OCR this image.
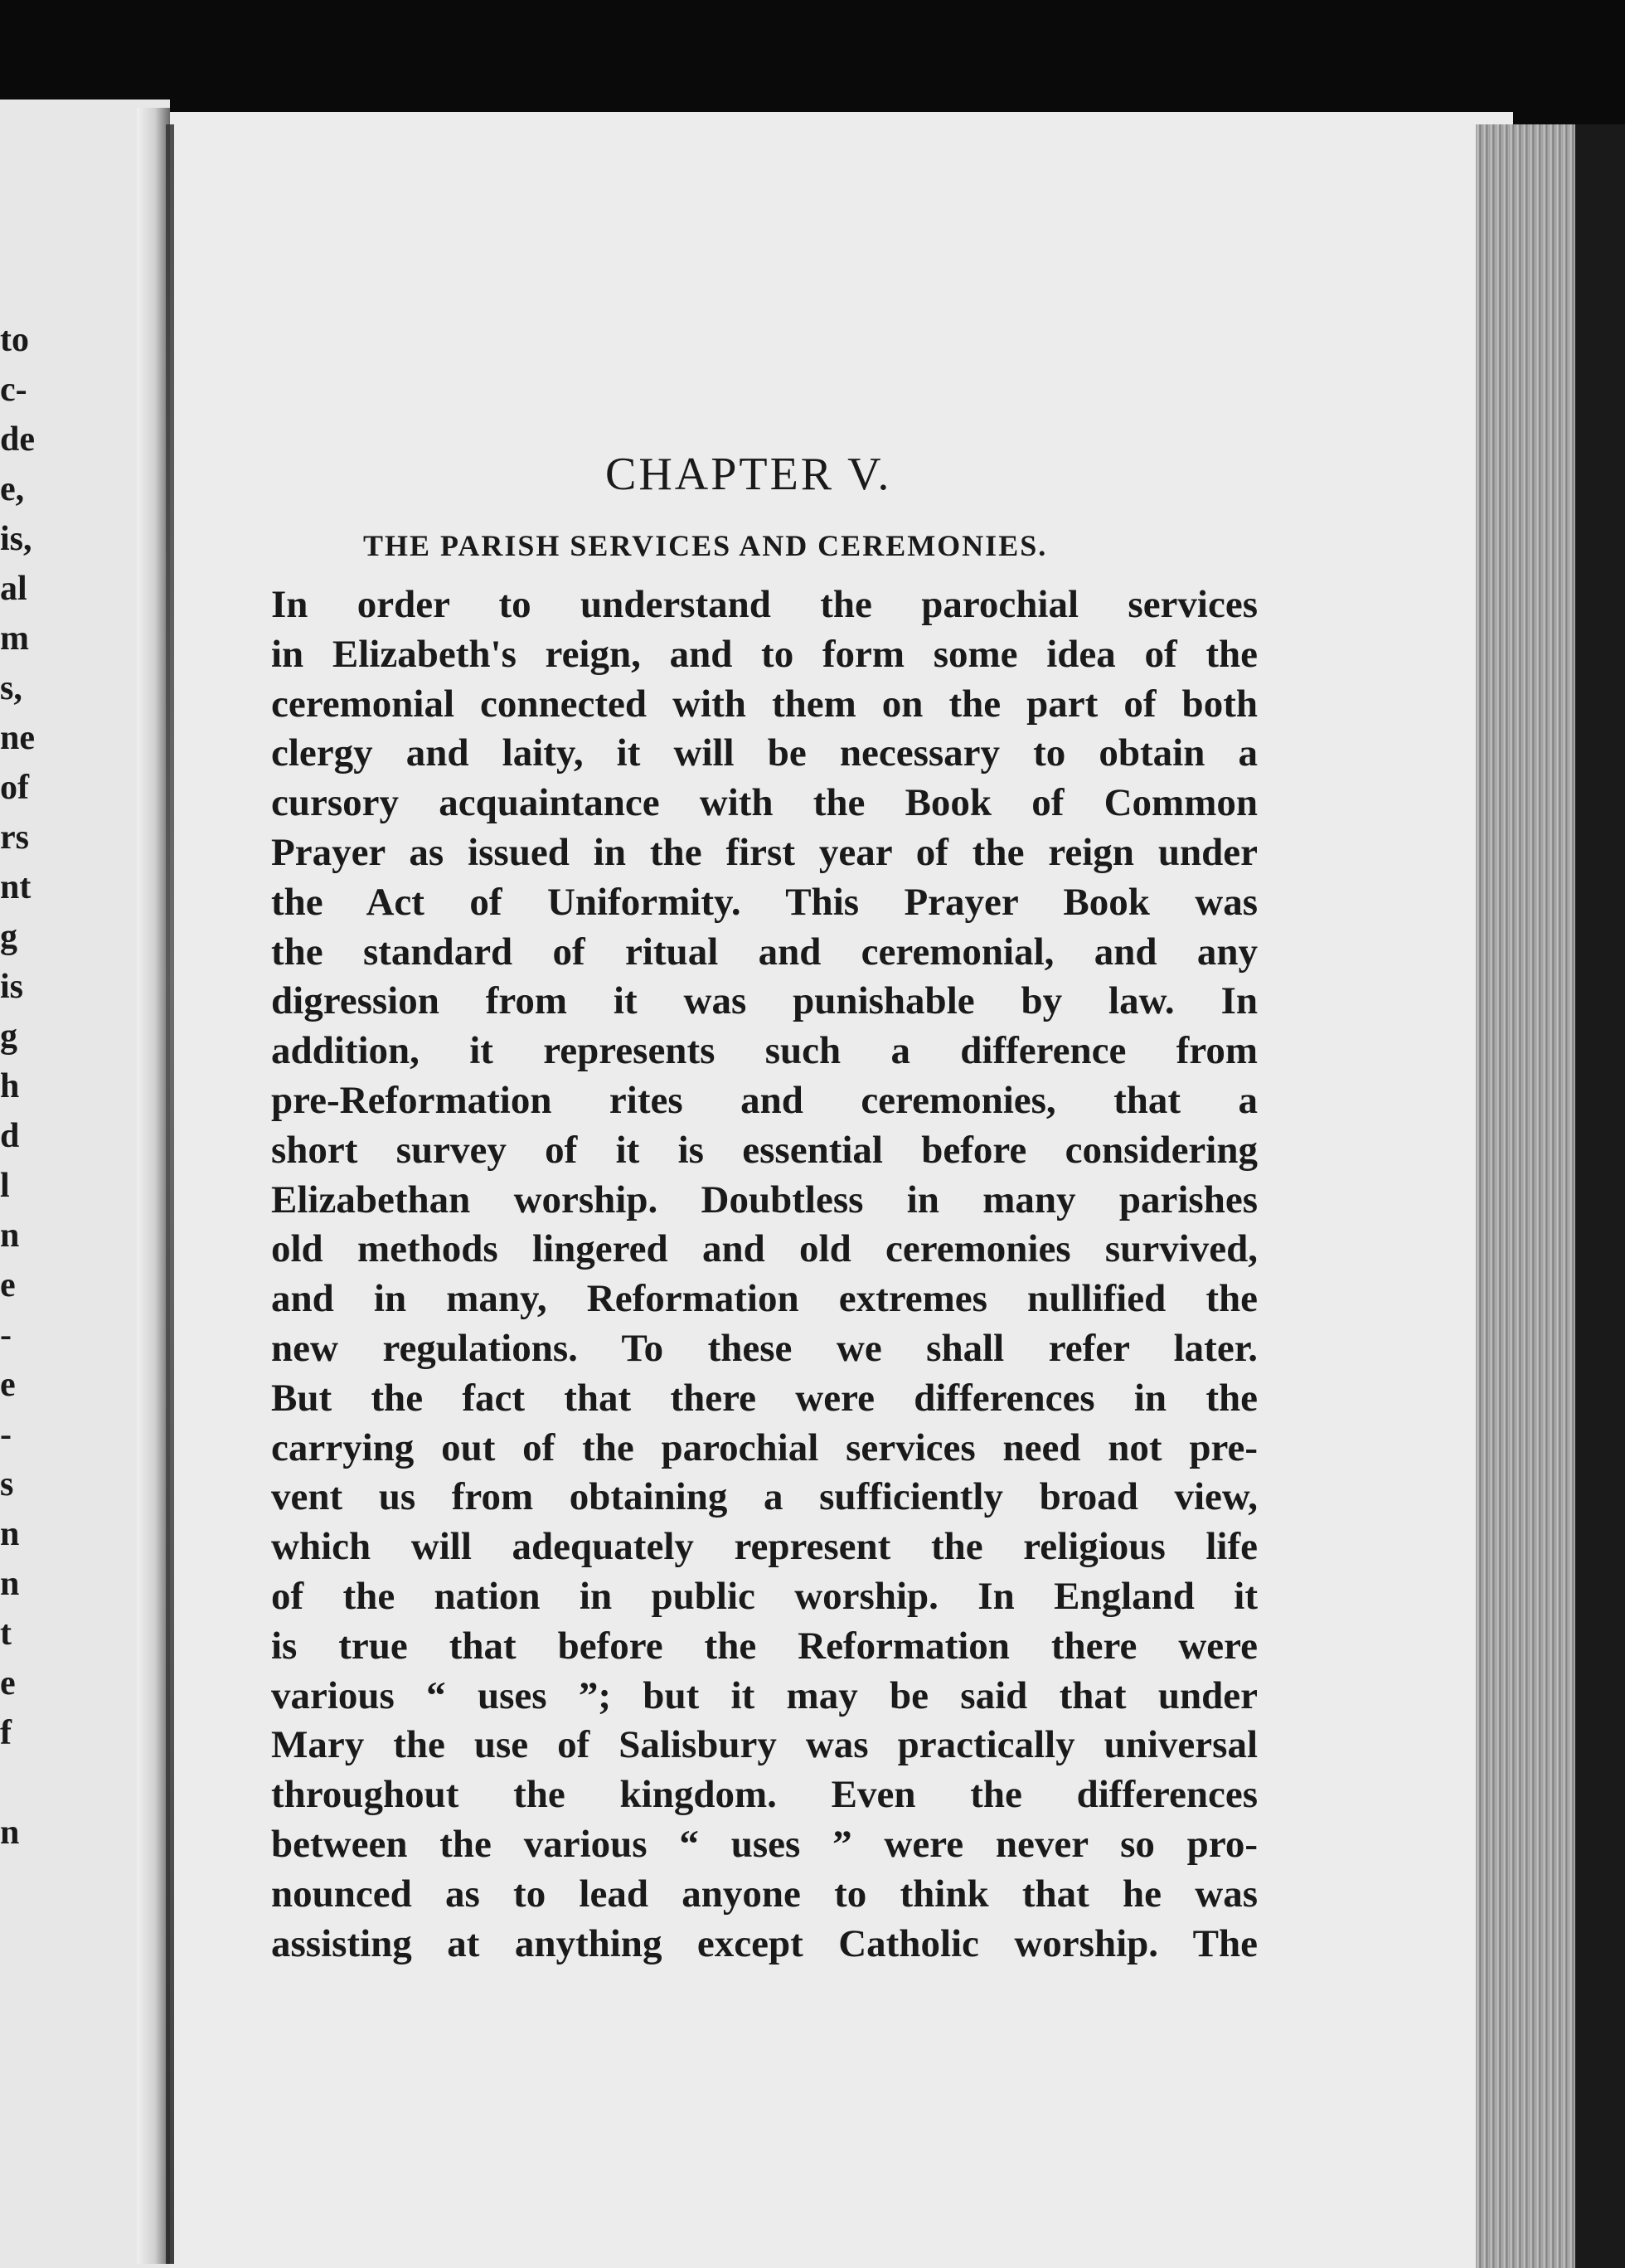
to
c-
de
e,
is,
al
m
s,
ne
of
rs
nt
g
is
g
h
d
l
n
e
-
e
-
s
n
n
t
e
f
n
CHAPTER V.
THE PARISH SERVICES AND CEREMONIES.
In order to understand the parochial services
in Elizabeth's reign, and to form some idea of the
ceremonial connected with them on the part of both
clergy and laity, it will be necessary to obtain a
cursory acquaintance with the Book of Common
Prayer as issued in the first year of the reign under
the Act of Uniformity. This Prayer Book was
the standard of ritual and ceremonial, and any
digression from it was punishable by law. In
addition, it represents such a difference from
pre-Reformation rites and ceremonies, that a
short survey of it is essential before considering
Elizabethan worship. Doubtless in many parishes
old methods lingered and old ceremonies survived,
and in many, Reformation extremes nullified the
new regulations. To these we shall refer later.
But the fact that there were differences in the
carrying out of the parochial services need not pre-
vent us from obtaining a sufficiently broad view,
which will adequately represent the religious life
of the nation in public worship. In England it
is true that before the Reformation there were
various “ uses ”; but it may be said that under
Mary the use of Salisbury was practically universal
throughout the kingdom. Even the differences
between the various “ uses ” were never so pro-
nounced as to lead anyone to think that he was
assisting at anything except Catholic worship. The
